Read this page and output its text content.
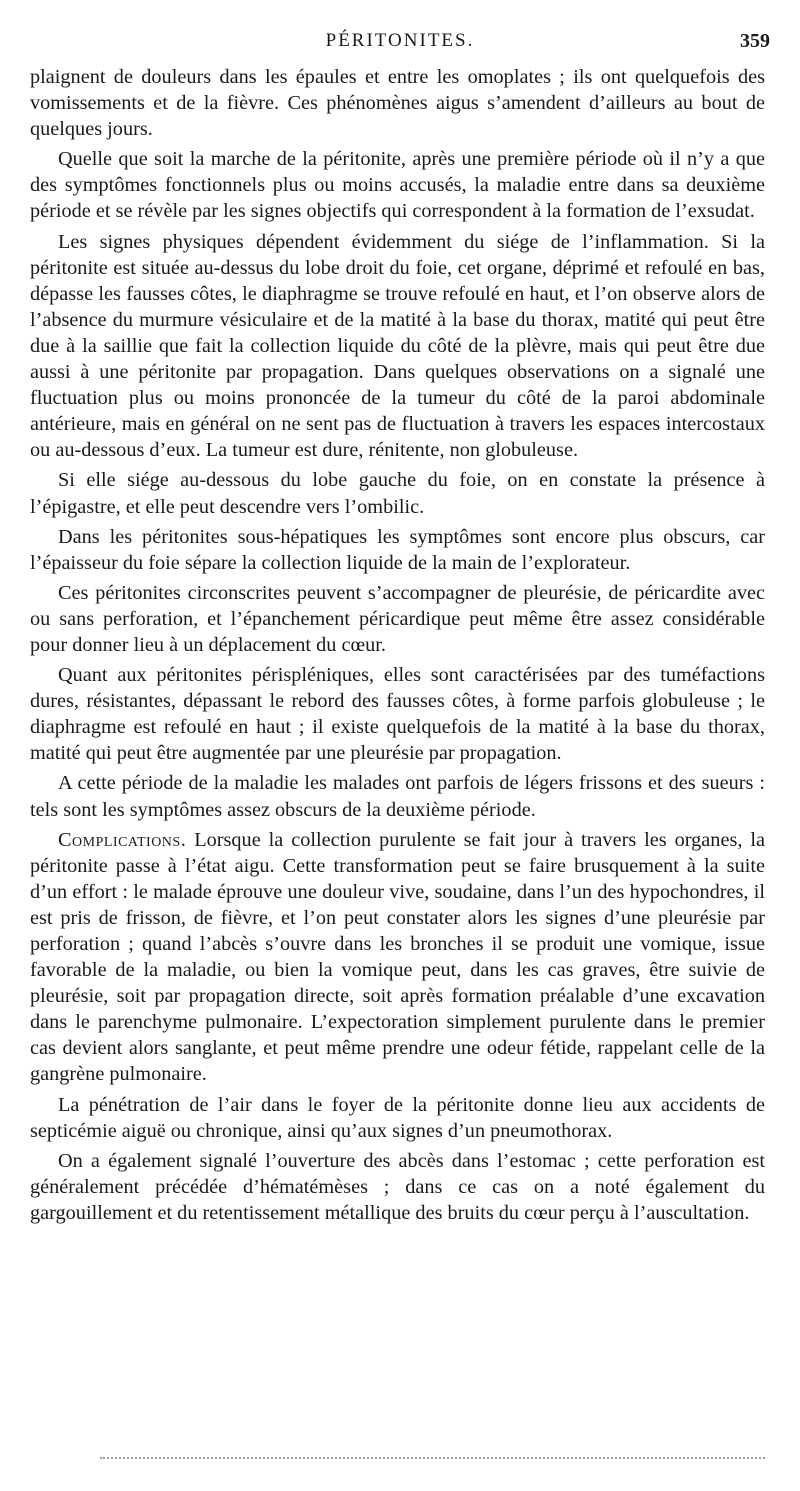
PÉRITONITES.	359

plaignent de douleurs dans les épaules et entre les omoplates ; ils ont quelquefois des vomissements et de la fièvre. Ces phénomènes aigus s’amendent d’ailleurs au bout de quelques jours.

Quelle que soit la marche de la péritonite, après une première période où il n’y a que des symptômes fonctionnels plus ou moins accusés, la maladie entre dans sa deuxième période et se révèle par les signes objectifs qui correspondent à la formation de l’exsudat.

Les signes physiques dépendent évidemment du siége de l’inflammation. Si la péritonite est située au-dessus du lobe droit du foie, cet organe, déprimé et refoulé en bas, dépasse les fausses côtes, le diaphragme se trouve refoulé en haut, et l’on observe alors de l’absence du murmure vésiculaire et de la matité à la base du thorax, matité qui peut être due à la saillie que fait la collection liquide du côté de la plèvre, mais qui peut être due aussi à une péritonite par propagation. Dans quelques observations on a signalé une fluctuation plus ou moins prononcée de la tumeur du côté de la paroi abdominale antérieure, mais en général on ne sent pas de fluctuation à travers les espaces intercostaux ou au-dessous d’eux. La tumeur est dure, rénitente, non globuleuse.

Si elle siége au-dessous du lobe gauche du foie, on en constate la présence à l’épigastre, et elle peut descendre vers l’ombilic.

Dans les péritonites sous-hépatiques les symptômes sont encore plus obscurs, car l’épaisseur du foie sépare la collection liquide de la main de l’explorateur.

Ces péritonites circonscrites peuvent s’accompagner de pleurésie, de péricardite avec ou sans perforation, et l’épanchement péricardique peut même être assez considérable pour donner lieu à un déplacement du cœur.

Quant aux péritonites périspléniques, elles sont caractérisées par des tuméfactions dures, résistantes, dépassant le rebord des fausses côtes, à forme parfois globuleuse ; le diaphragme est refoulé en haut ; il existe quelquefois de la matité à la base du thorax, matité qui peut être augmentée par une pleurésie par propagation.

A cette période de la maladie les malades ont parfois de légers frissons et des sueurs : tels sont les symptômes assez obscurs de la deuxième période.

Complications. Lorsque la collection purulente se fait jour à travers les organes, la péritonite passe à l’état aigu. Cette transformation peut se faire brusquement à la suite d’un effort : le malade éprouve une douleur vive, soudaine, dans l’un des hypochondres, il est pris de frisson, de fièvre, et l’on peut constater alors les signes d’une pleurésie par perforation ; quand l’abcès s’ouvre dans les bronches il se produit une vomique, issue favorable de la maladie, ou bien la vomique peut, dans les cas graves, être suivie de pleurésie, soit par propagation directe, soit après formation préalable d’une excavation dans le parenchyme pulmonaire. L’expectoration simplement purulente dans le premier cas devient alors sanglante, et peut même prendre une odeur fétide, rappelant celle de la gangrène pulmonaire.

La pénétration de l’air dans le foyer de la péritonite donne lieu aux accidents de septicémie aiguë ou chronique, ainsi qu’aux signes d’un pneumothorax.

On a également signalé l’ouverture des abcès dans l’estomac ; cette perforation est généralement précédée d’hématémèses ; dans ce cas on a noté également du gargouillement et du retentissement métallique des bruits du cœur perçu à l’auscultation.
